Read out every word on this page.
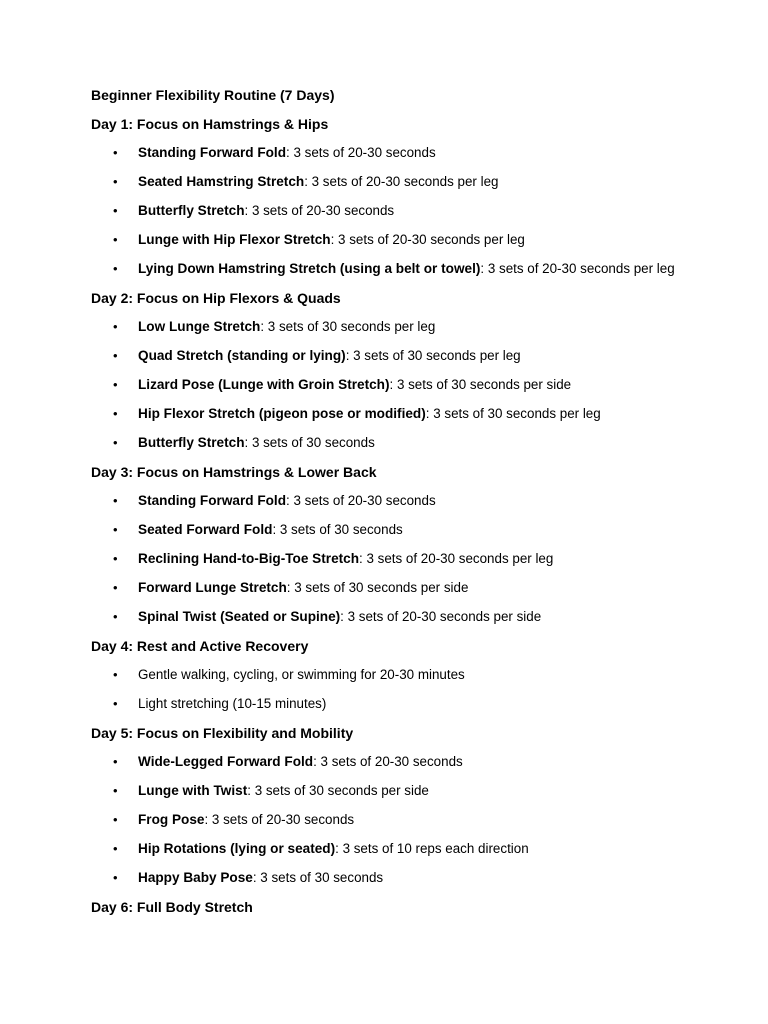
Beginner Flexibility Routine (7 Days)
Day 1: Focus on Hamstrings & Hips
• Standing Forward Fold: 3 sets of 20-30 seconds
• Seated Hamstring Stretch: 3 sets of 20-30 seconds per leg
• Butterfly Stretch: 3 sets of 20-30 seconds
• Lunge with Hip Flexor Stretch: 3 sets of 20-30 seconds per leg
• Lying Down Hamstring Stretch (using a belt or towel): 3 sets of 20-30 seconds per leg
Day 2: Focus on Hip Flexors & Quads
• Low Lunge Stretch: 3 sets of 30 seconds per leg
• Quad Stretch (standing or lying): 3 sets of 30 seconds per leg
• Lizard Pose (Lunge with Groin Stretch): 3 sets of 30 seconds per side
• Hip Flexor Stretch (pigeon pose or modified): 3 sets of 30 seconds per leg
• Butterfly Stretch: 3 sets of 30 seconds
Day 3: Focus on Hamstrings & Lower Back
• Standing Forward Fold: 3 sets of 20-30 seconds
• Seated Forward Fold: 3 sets of 30 seconds
• Reclining Hand-to-Big-Toe Stretch: 3 sets of 20-30 seconds per leg
• Forward Lunge Stretch: 3 sets of 30 seconds per side
• Spinal Twist (Seated or Supine): 3 sets of 20-30 seconds per side
Day 4: Rest and Active Recovery
• Gentle walking, cycling, or swimming for 20-30 minutes
• Light stretching (10-15 minutes)
Day 5: Focus on Flexibility and Mobility
• Wide-Legged Forward Fold: 3 sets of 20-30 seconds
• Lunge with Twist: 3 sets of 30 seconds per side
• Frog Pose: 3 sets of 20-30 seconds
• Hip Rotations (lying or seated): 3 sets of 10 reps each direction
• Happy Baby Pose: 3 sets of 30 seconds
Day 6: Full Body Stretch
